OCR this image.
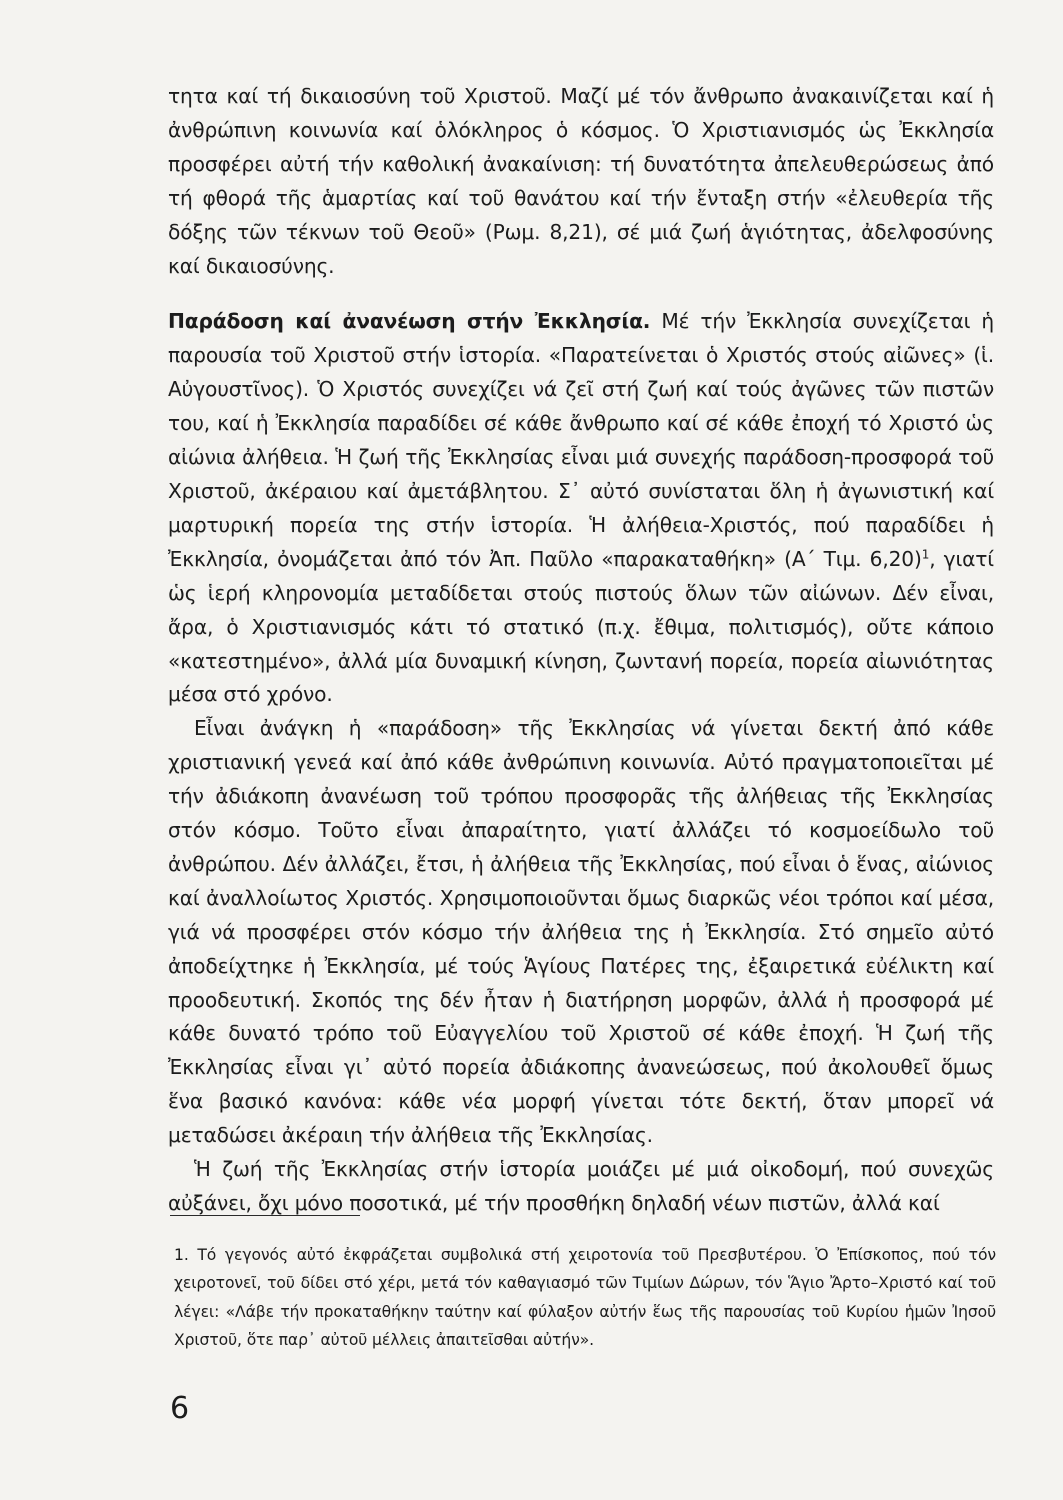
τητα καί τή δικαιοσύνη τοῦ Χριστοῦ. Μαζί μέ τόν ἄνθρωπο ἀνακαινίζεται καί ἡ ἀνθρώπινη κοινωνία καί ὁλόκληρος ὁ κόσμος. Ὁ Χριστιανισμός ὡς Ἐκκλησία προσφέρει αὐτή τήν καθολική ἀνακαίνιση: τή δυνατότητα ἀπελευθερώσεως ἀπό τή φθορά τῆς ἁμαρτίας καί τοῦ θανάτου καί τήν ἔνταξη στήν «ἐλευθερία τῆς δόξης τῶν τέκνων τοῦ Θεοῦ» (Ρωμ. 8,21), σέ μιά ζωή ἁγιότητας, ἀδελφοσύνης καί δικαιοσύνης.

Παράδοση καί ἀνανέωση στήν Ἐκκλησία. Μέ τήν Ἐκκλησία συνεχίζεται ἡ παρουσία τοῦ Χριστοῦ στήν ἱστορία. «Παρατείνεται ὁ Χριστός στούς αἰῶνες» (ἱ. Αὐγουστῖνος). Ὁ Χριστός συνεχίζει νά ζεῖ στή ζωή καί τούς ἀγῶνες τῶν πιστῶν του, καί ἡ Ἐκκλησία παραδίδει σέ κάθε ἄνθρωπο καί σέ κάθε ἐποχή τό Χριστό ὡς αἰώνια ἀλήθεια. Ἡ ζωή τῆς Ἐκκλησίας εἶναι μιά συνεχής παράδοση-προσφορά τοῦ Χριστοῦ, ἀκέραιου καί ἀμετάβλητου. Σ᾽ αὐτό συνίσταται ὅλη ἡ ἀγωνιστική καί μαρτυρική πορεία της στήν ἱστορία. Ἡ ἀλήθεια-Χριστός, πού παραδίδει ἡ Ἐκκλησία, ὀνομάζεται ἀπό τόν Ἀπ. Παῦλο «παρακαταθήκη» (Α´ Τιμ. 6,20)$^1$, γιατί ὡς ἱερή κληρονομία μεταδίδεται στούς πιστούς ὅλων τῶν αἰώνων. Δέν εἶναι, ἄρα, ὁ Χριστιανισμός κάτι τό στατικό (π.χ. ἔθιμα, πολιτισμός), οὔτε κάποιο «κατεστημένο», ἀλλά μία δυναμική κίνηση, ζωντανή πορεία, πορεία αἰωνιότητας μέσα στό χρόνο.

Εἶναι ἀνάγκη ἡ «παράδοση» τῆς Ἐκκλησίας νά γίνεται δεκτή ἀπό κάθε χριστιανική γενεά καί ἀπό κάθε ἀνθρώπινη κοινωνία. Αὐτό πραγματοποιεῖται μέ τήν ἀδιάκοπη ἀνανέωση τοῦ τρόπου προσφορᾶς τῆς ἀλήθειας τῆς Ἐκκλησίας στόν κόσμο. Τοῦτο εἶναι ἀπαραίτητο, γιατί ἀλλάζει τό κοσμοείδωλο τοῦ ἀνθρώπου. Δέν ἀλλάζει, ἔτσι, ἡ ἀλήθεια τῆς Ἐκκλησίας, πού εἶναι ὁ ἕνας, αἰώνιος καί ἀναλλοίωτος Χριστός. Χρησιμοποιοῦνται ὅμως διαρκῶς νέοι τρόποι καί μέσα, γιά νά προσφέρει στόν κόσμο τήν ἀλήθεια της ἡ Ἐκκλησία. Στό σημεῖο αὐτό ἀποδείχτηκε ἡ Ἐκκλησία, μέ τούς Ἁγίους Πατέρες της, ἐξαιρετικά εὐέλικτη καί προοδευτική. Σκοπός της δέν ἦταν ἡ διατήρηση μορφῶν, ἀλλά ἡ προσφορά μέ κάθε δυνατό τρόπο τοῦ Εὐαγγελίου τοῦ Χριστοῦ σέ κάθε ἐποχή. Ἡ ζωή τῆς Ἐκκλησίας εἶναι γι᾽ αὐτό πορεία ἀδιάκοπης ἀνανεώσεως, πού ἀκολουθεῖ ὅμως ἕνα βασικό κανόνα: κάθε νέα μορφή γίνεται τότε δεκτή, ὅταν μπορεῖ νά μεταδώσει ἀκέραιη τήν ἀλήθεια τῆς Ἐκκλησίας.

Ἡ ζωή τῆς Ἐκκλησίας στήν ἱστορία μοιάζει μέ μιά οἰκοδομή, πού συνεχῶς αὐξάνει, ὄχι μόνο ποσοτικά, μέ τήν προσθήκη δηλαδή νέων πιστῶν, ἀλλά καί

1. Τό γεγονός αὐτό ἐκφράζεται συμβολικά στή χειροτονία τοῦ Πρεσβυτέρου. Ὁ Ἐπίσκοπος, πού τόν χειροτονεῖ, τοῦ δίδει στό χέρι, μετά τόν καθαγιασμό τῶν Τιμίων Δώρων, τόν Ἅγιο Ἄρτο–Χριστό καί τοῦ λέγει: «Λάβε τήν προκαταθήκην ταύτην καί φύλαξον αὐτήν ἕως τῆς παρουσίας τοῦ Κυρίου ἡμῶν Ἰησοῦ Χριστοῦ, ὅτε παρ᾽ αὐτοῦ μέλλεις ἀπαιτεῖσθαι αὐτήν».

6
